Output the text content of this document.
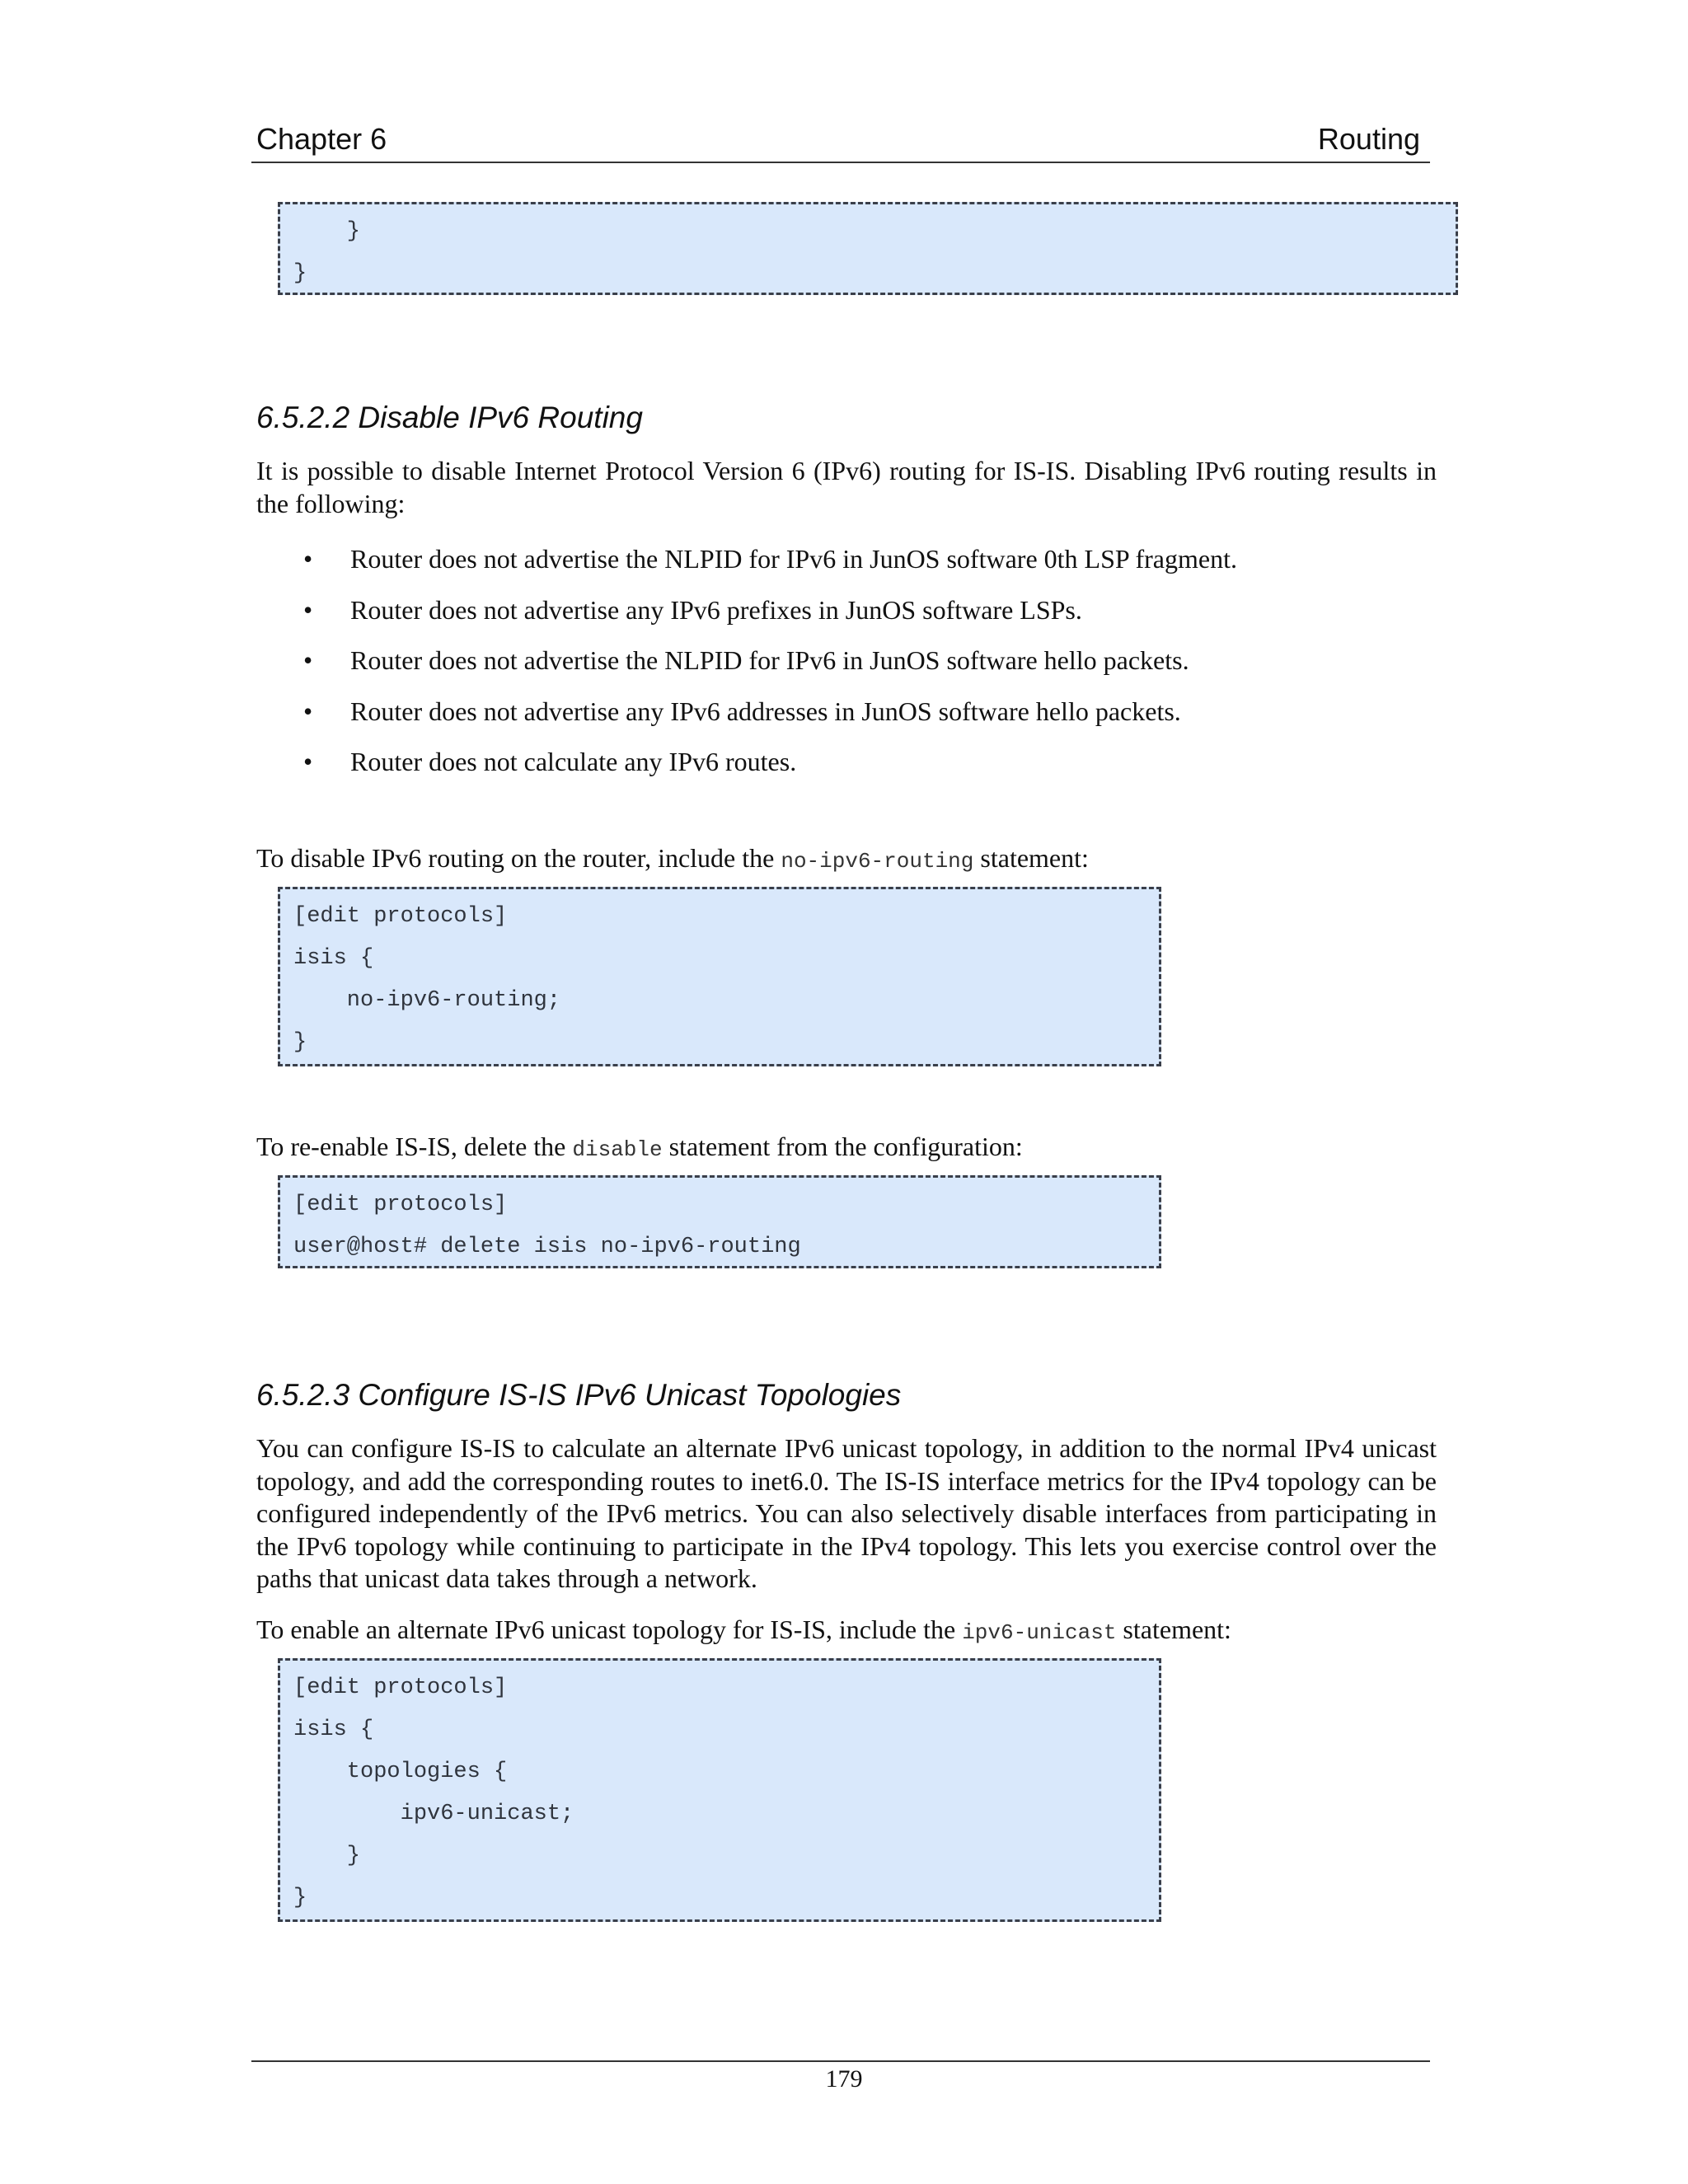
Chapter 6	Routing
}
}
6.5.2.2 Disable IPv6 Routing
It is possible to disable Internet Protocol Version 6 (IPv6) routing for IS-IS. Disabling IPv6 routing results in the following:
• Router does not advertise the NLPID for IPv6 in JunOS software 0th LSP fragment.
• Router does not advertise any IPv6 prefixes in JunOS software LSPs.
• Router does not advertise the NLPID for IPv6 in JunOS software hello packets.
• Router does not advertise any IPv6 addresses in JunOS software hello packets.
• Router does not calculate any IPv6 routes.
To disable IPv6 routing on the router, include the no-ipv6-routing statement:
[edit protocols]
isis {
no-ipv6-routing;
}
To re-enable IS-IS, delete the disable statement from the configuration:
[edit protocols]
user@host# delete isis no-ipv6-routing
6.5.2.3 Configure IS-IS IPv6 Unicast Topologies
You can configure IS-IS to calculate an alternate IPv6 unicast topology, in addition to the normal IPv4 unicast topology, and add the corresponding routes to inet6.0. The IS-IS interface metrics for the IPv4 topology can be configured independently of the IPv6 metrics. You can also selectively disable interfaces from participating in the IPv6 topology while continuing to participate in the IPv4 topology. This lets you exercise control over the paths that unicast data takes through a network.
To enable an alternate IPv6 unicast topology for IS-IS, include the ipv6-unicast statement:
[edit protocols]
isis {
topologies {
ipv6-unicast;
}
}
179
